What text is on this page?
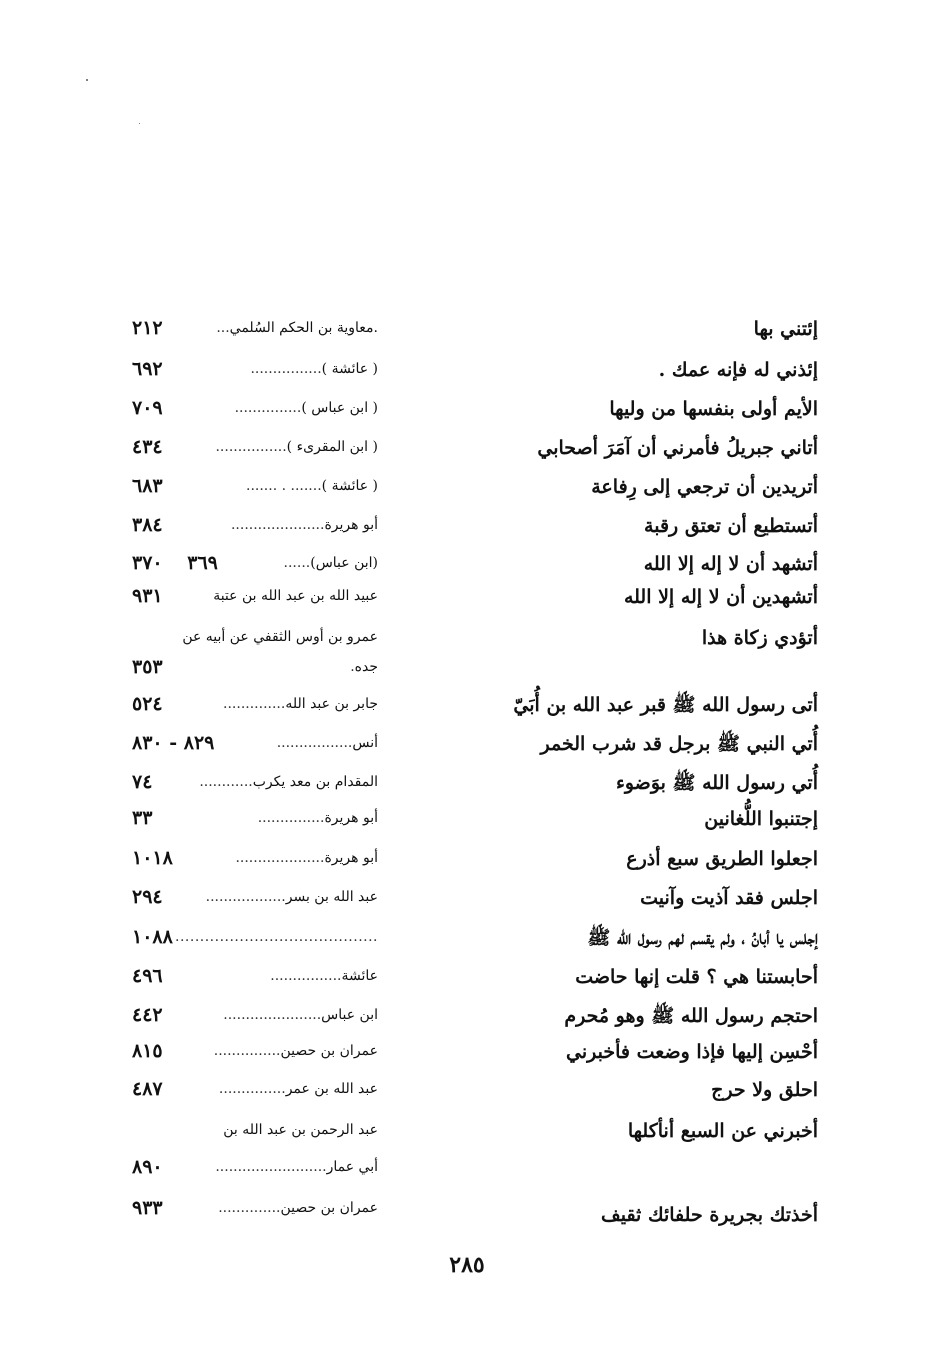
إئتني بها
.معاوية بن الحكم السُلمي...
٢١٢
إئذني له فإنه عمك .
( عائشة )................
٦٩٢
الأيم أولى بنفسها من وليها
( ابن عباس )...............
٧٠٩
أتاني جبريلُ فأمرني أن آمَرَ أصحابي
( ابن المقرىء )................
٤٣٤
أتريدين أن ترجعي إلى رِفاعة
( عائشة )....... . .......
٦٨٣
أتستطيع أن تعتق رقبة
أبو هريرة.....................
٣٨٤
أتشهد أن لا إله إلا الله
(ابن عباس)......
٣٦٩ ٣٧٠
أتشهدين أن لا إله إلا الله
عبيد الله بن عبد الله بن عتبة
٩٣١
أتؤدي زكاة هذا
عمرو بن أوس الثقفي عن أبيه عن
جده.
٣٥٣
أتى رسول الله ﷺ قبر عبد الله بن أُبَيّ
جابر بن عبد الله..............
٥٢٤
أُتي النبي ﷺ برجل قد شرب الخمر
أنس.................
٨٢٩ - ٨٣٠
أُتي رسول الله ﷺ بوَضوء
المقدام بن معد يكرب............
٧٤
إجتنبوا اللُّغانين
أبو هريرة...............
٣٣
اجعلوا الطريق سبع أذرع
أبو هريرة....................
١٠١٨
اجلس فقد آذيت وآنيت
عبد الله بن بسر..................
٢٩٤
إجلس يا أبانُ ، ولم يقسم لهم رسول الله ﷺ
.........................................
١٠٨٨
أحابستنا هي ؟ قلت إنها حاضت
عائشة................
٤٩٦
احتجم رسول الله ﷺ وهو مُحرم
ابن عباس......................
٤٤٢
أحْسِن إليها فإذا وضعت فأخبرني
عمران بن حصين...............
٨١٥
احلق ولا حرج
عبد الله بن عمر...............
٤٨٧
أخبرني عن السبع أنأكلها
عبد الرحمن بن عبد الله بن
أبي عمار.........................
٨٩٠
أخذتك بجريرة حلفائك ثقيف
عمران بن حصين..............
٩٣٣
٢٨٥
